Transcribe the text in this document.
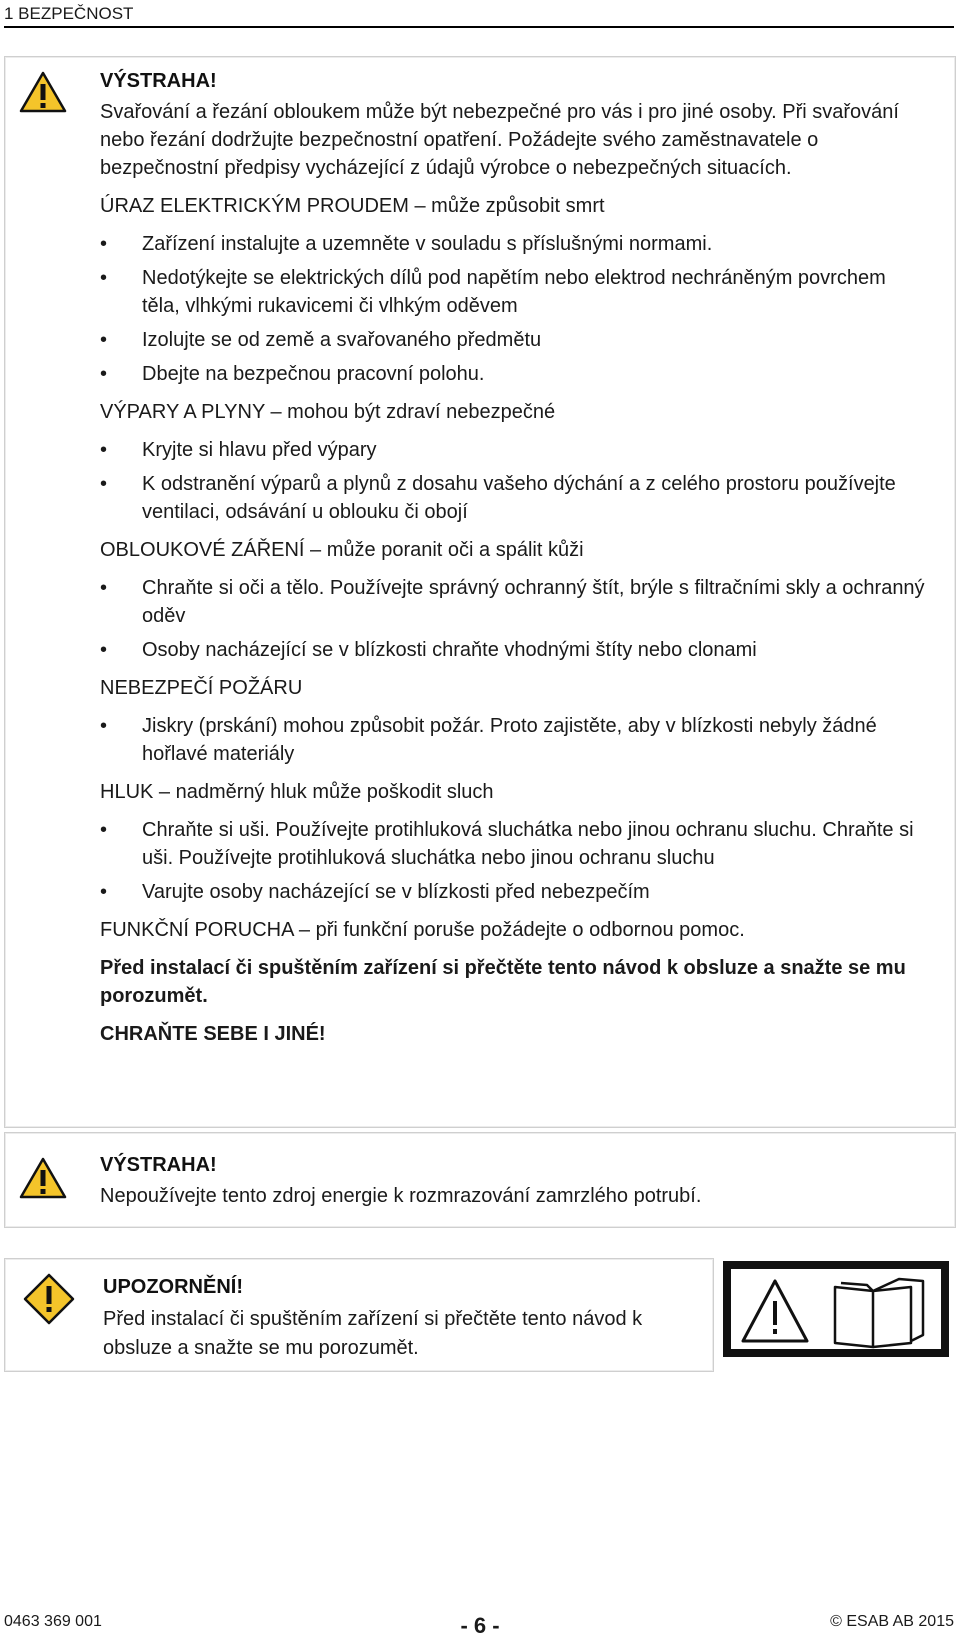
1 BEZPEČNOST

VÝSTRAHA!

Svařování a řezání obloukem může být nebezpečné pro vás i pro jiné osoby. Při svařování nebo řezání dodržujte bezpečnostní opatření. Požádejte svého zaměstnavatele o bezpečnostní předpisy vycházející z údajů výrobce o nebezpečných situacích.

ÚRAZ ELEKTRICKÝM PROUDEM – může způsobit smrt

•	Zařízení instalujte a uzemněte v souladu s příslušnými normami.
•	Nedotýkejte se elektrických dílů pod napětím nebo elektrod nechráněným povrchem těla, vlhkými rukavicemi či vlhkým oděvem
•	Izolujte se od země a svařovaného předmětu
•	Dbejte na bezpečnou pracovní polohu.

VÝPARY A PLYNY – mohou být zdraví nebezpečné

•	Kryjte si hlavu před výpary
•	K odstranění výparů a plynů z dosahu vašeho dýchání a z celého prostoru používejte ventilaci, odsávání u oblouku či obojí

OBLOUKOVÉ ZÁŘENÍ – může poranit oči a spálit kůži

•	Chraňte si oči a tělo. Používejte správný ochranný štít, brýle s filtračními skly a ochranný oděv
•	Osoby nacházející se v blízkosti chraňte vhodnými štíty nebo clonami

NEBEZPEČÍ POŽÁRU

•	Jiskry (prskání) mohou způsobit požár. Proto zajistěte, aby v blízkosti nebyly žádné hořlavé materiály

HLUK – nadměrný hluk může poškodit sluch

•	Chraňte si uši. Používejte protihluková sluchátka nebo jinou ochranu sluchu. Chraňte si uši. Používejte protihluková sluchátka nebo jinou ochranu sluchu
•	Varujte osoby nacházející se v blízkosti před nebezpečím

FUNKČNÍ PORUCHA – při funkční poruše požádejte o odbornou pomoc.

Před instalací či spuštěním zařízení si přečtěte tento návod k obsluze a snažte se mu porozumět.

CHRAŇTE SEBE I JINÉ!

VÝSTRAHA!

Nepoužívejte tento zdroj energie k rozmrazování zamrzlého potrubí.

UPOZORNĚNÍ!

Před instalací či spuštěním zařízení si přečtěte tento návod k obsluze a snažte se mu porozumět.

0463 369 001	- 6 -	© ESAB AB 2015
